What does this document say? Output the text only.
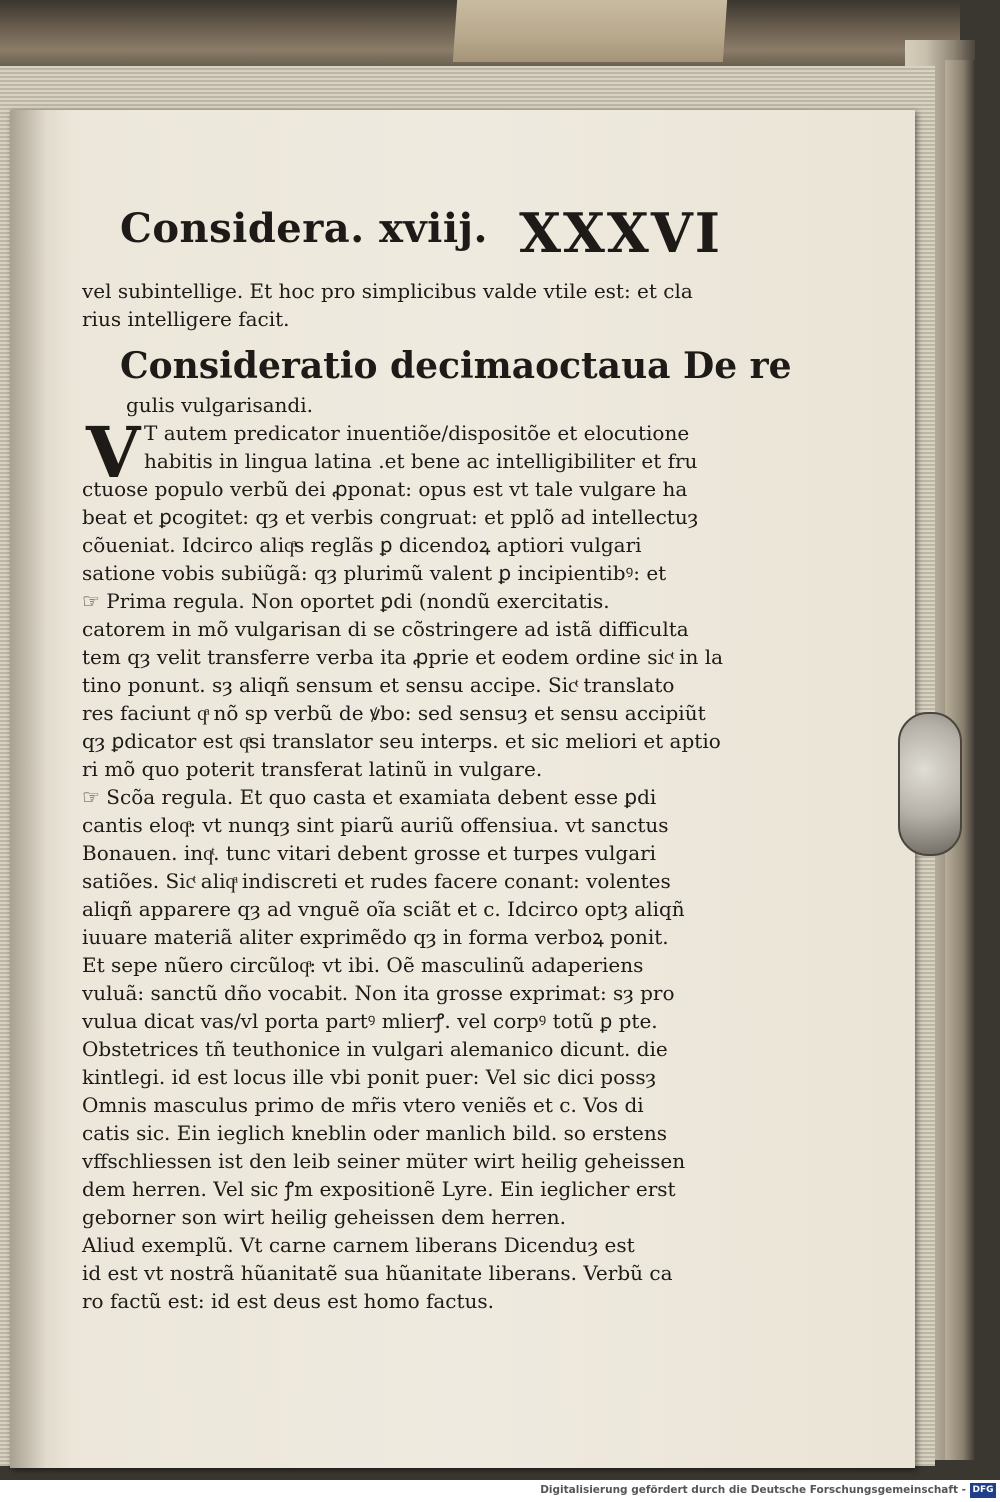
Considera. xviij. XXXVI

vel subintellige. Et hoc pro simplicibus valde vtile est: et cla

rius intelligere facit.

Consideratio decimaoctaua De re

gulis vulgarisandi.

V T autem predicator inuentiõe/dispositõe et elocutione

habitis in lingua latina .et bene ac intelligibiliter et fru

ctuose populo verbũ dei ꝓponat: opus est vt tale vulgare ha

beat et ꝑcogitet: qȝ et verbis congruat: et pplõ ad intellectuȝ

cõueniat. Idcirco aliqͣs reglãs ꝑ dicendoꝝ aptiori vulgari

satione vobis subiũgã: qȝ plurimũ valent ꝑ incipientibꝰ: et

☞ Prima regula. Non oportet ꝑdi (nondũ exercitatis.

catorem in mõ vulgarisan di se cõstringere ad istã difficulta

tem qȝ velit transferre verba ita ꝓprie et eodem ordine sicͭ in la

tino ponunt. sȝ aliqñ sensum et sensu accipe. Sicͭ translato

res faciunt qͣ nõ sp verbũ de ꝟbo: sed sensuȝ et sensu accipiũt

qȝ ꝑdicator est qͣsi translator seu interps. et sic meliori et aptio

ri mõ quo poterit transferat latinũ in vulgare.

☞ Scõa regula. Et quo casta et examiata debent esse ꝑdi

cantis eloqͣ: vt nunqȝ sint piarũ auriũ offensiua. vt sanctus

Bonauen. inqͭ. tunc vitari debent grosse et turpes vulgari

satiões. Sicͭ aliqͣ indiscreti et rudes facere conant: volentes

aliqñ apparere qȝ ad vnguẽ oĩa sciãt et c. Idcirco optȝ aliqñ

iuuare materiã aliter exprimẽdo qȝ in forma verboꝝ ponit.

Et sepe nũero circũloqͣ: vt ibi. Oẽ masculinũ adaperiens

vuluã: sanctũ dño vocabit. Non ita grosse exprimat: sȝ pro

vulua dicat vas/vl porta partꝰ mlierꝭ. vel corpꝰ totũ ꝑ pte.

Obstetrices tñ teuthonice in vulgari alemanico dicunt. die

kintlegi. id est locus ille vbi ponit puer: Vel sic dici possȝ

Omnis masculus primo de mr̃is vtero veniẽs et c. Vos di

catis sic. Ein ieglich kneblin oder manlich bild. so erstens

vffschliessen ist den leib seiner müter wirt heilig geheissen

dem herren. Vel sic ꝭm expositionẽ Lyre. Ein ieglicher erst

geborner son wirt heilig geheissen dem herren.

Aliud exemplũ. Vt carne carnem liberans Dicenduȝ est

id est vt nostrã hũanitatẽ sua hũanitate liberans. Verbũ ca

ro factũ est: id est deus est homo factus.

Digitalisierung gefördert durch die Deutsche Forschungsgemeinschaft - DFG
